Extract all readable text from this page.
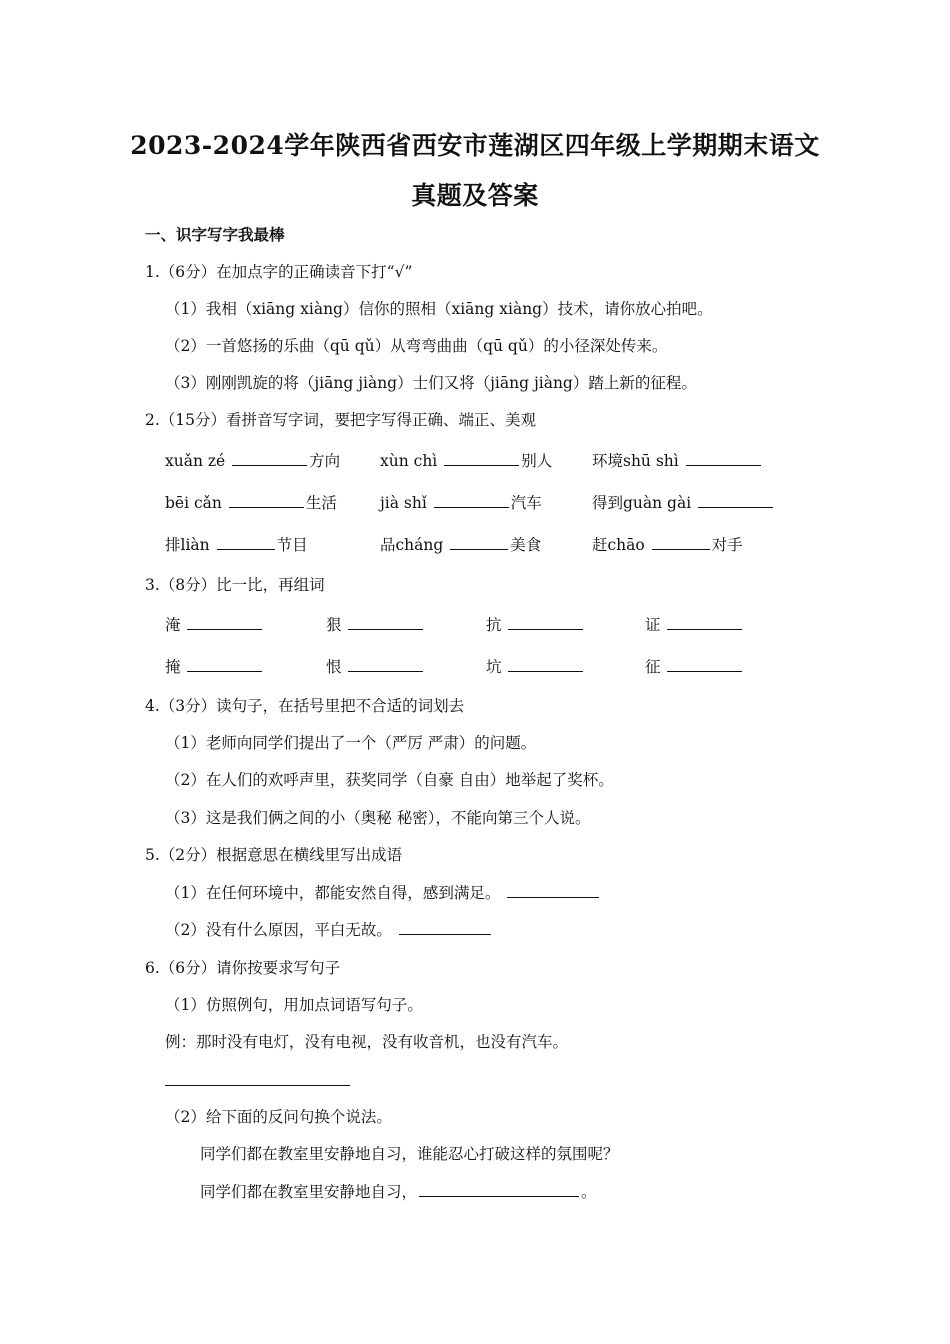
2023-2024学年陕西省西安市莲湖区四年级上学期期末语文
真题及答案
一、识字写字我最棒
1.（6分）在加点字的正确读音下打“√”
（1）我相（xiāng xiàng）信你的照相（xiāng xiàng）技术，请你放心拍吧。
（2）一首悠扬的乐曲（qū qǔ）从弯弯曲曲（qū qǔ）的小径深处传来。
（3）刚刚凯旋的将（jiāng jiàng）士们又将（jiāng jiàng）踏上新的征程。
2.（15分）看拼音写字词，要把字写得正确、端正、美观
xuǎn zé	方向	xùn chì	别人	环境shū shì
bēi cǎn	生活	jià shǐ	汽车	得到guàn gài
排liàn	节目	品cháng	美食	赶chāo	对手
3.（8分）比一比，再组词
淹	狠	抗	证
掩	恨	坑	征
4.（3分）读句子，在括号里把不合适的词划去
（1）老师向同学们提出了一个（严厉 严肃）的问题。
（2）在人们的欢呼声里，获奖同学（自豪 自由）地举起了奖杯。
（3）这是我们俩之间的小（奥秘 秘密），不能向第三个人说。
5.（2分）根据意思在横线里写出成语
（1）在任何环境中，都能安然自得，感到满足。
（2）没有什么原因，平白无故。
6.（6分）请你按要求写句子
（1）仿照例句，用加点词语写句子。
例：那时没有电灯，没有电视，没有收音机，也没有汽车。
（2）给下面的反问句换个说法。
同学们都在教室里安静地自习，谁能忍心打破这样的氛围呢？
同学们都在教室里安静地自习，	。
